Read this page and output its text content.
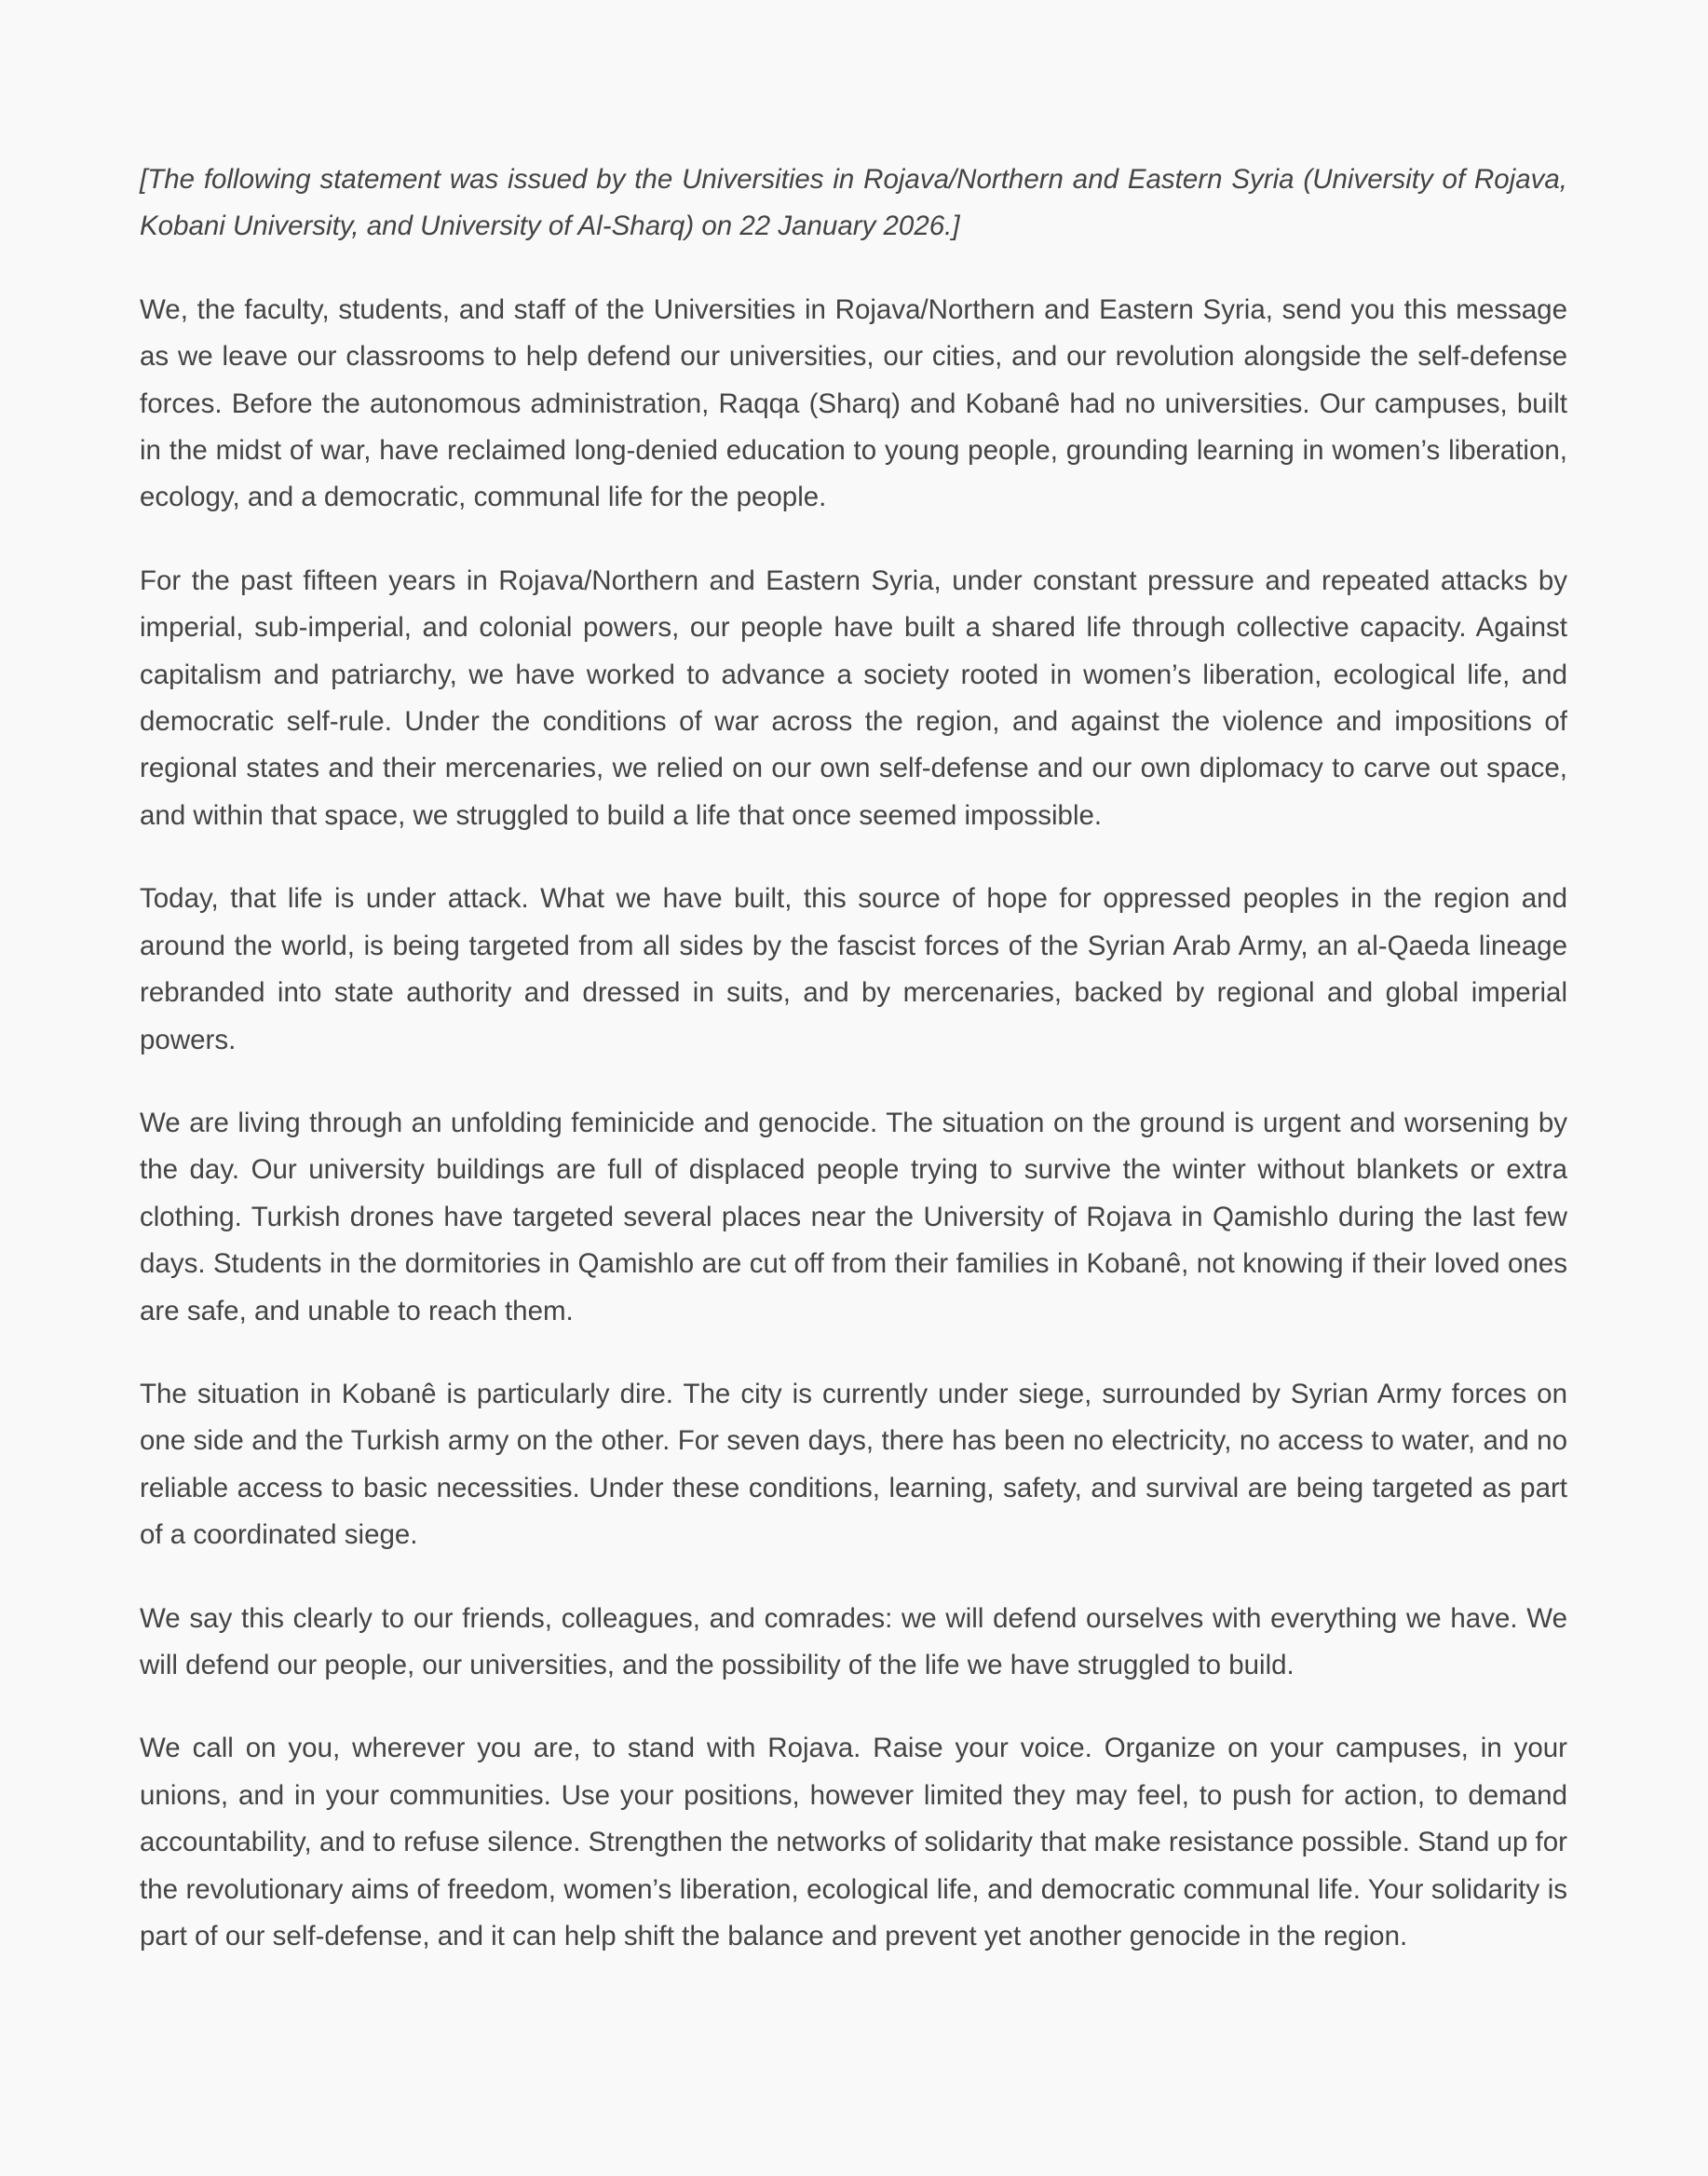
[The following statement was issued by the Universities in Rojava/Northern and Eastern Syria (University of Rojava, Kobani University, and University of Al-Sharq) on 22 January 2026.]

We, the faculty, students, and staff of the Universities in Rojava/Northern and Eastern Syria, send you this message as we leave our classrooms to help defend our universities, our cities, and our revolution alongside the self-defense forces. Before the autonomous administration, Raqqa (Sharq) and Kobanê had no universities. Our campuses, built in the midst of war, have reclaimed long-denied education to young people, grounding learning in women’s liberation, ecology, and a democratic, communal life for the people.

For the past fifteen years in Rojava/Northern and Eastern Syria, under constant pressure and repeated attacks by imperial, sub-imperial, and colonial powers, our people have built a shared life through collective capacity. Against capitalism and patriarchy, we have worked to advance a society rooted in women’s liberation, ecological life, and democratic self-rule. Under the conditions of war across the region, and against the violence and impositions of regional states and their mercenaries, we relied on our own self-defense and our own diplomacy to carve out space, and within that space, we struggled to build a life that once seemed impossible.

Today, that life is under attack. What we have built, this source of hope for oppressed peoples in the region and around the world, is being targeted from all sides by the fascist forces of the Syrian Arab Army, an al-Qaeda lineage rebranded into state authority and dressed in suits, and by mercenaries, backed by regional and global imperial powers.

We are living through an unfolding feminicide and genocide. The situation on the ground is urgent and worsening by the day. Our university buildings are full of displaced people trying to survive the winter without blankets or extra clothing. Turkish drones have targeted several places near the University of Rojava in Qamishlo during the last few days. Students in the dormitories in Qamishlo are cut off from their families in Kobanê, not knowing if their loved ones are safe, and unable to reach them.

The situation in Kobanê is particularly dire. The city is currently under siege, surrounded by Syrian Army forces on one side and the Turkish army on the other. For seven days, there has been no electricity, no access to water, and no reliable access to basic necessities. Under these conditions, learning, safety, and survival are being targeted as part of a coordinated siege.

We say this clearly to our friends, colleagues, and comrades: we will defend ourselves with everything we have. We will defend our people, our universities, and the possibility of the life we have struggled to build.

We call on you, wherever you are, to stand with Rojava. Raise your voice. Organize on your campuses, in your unions, and in your communities. Use your positions, however limited they may feel, to push for action, to demand accountability, and to refuse silence. Strengthen the networks of solidarity that make resistance possible. Stand up for the revolutionary aims of freedom, women’s liberation, ecological life, and democratic communal life. Your solidarity is part of our self-defense, and it can help shift the balance and prevent yet another genocide in the region.
